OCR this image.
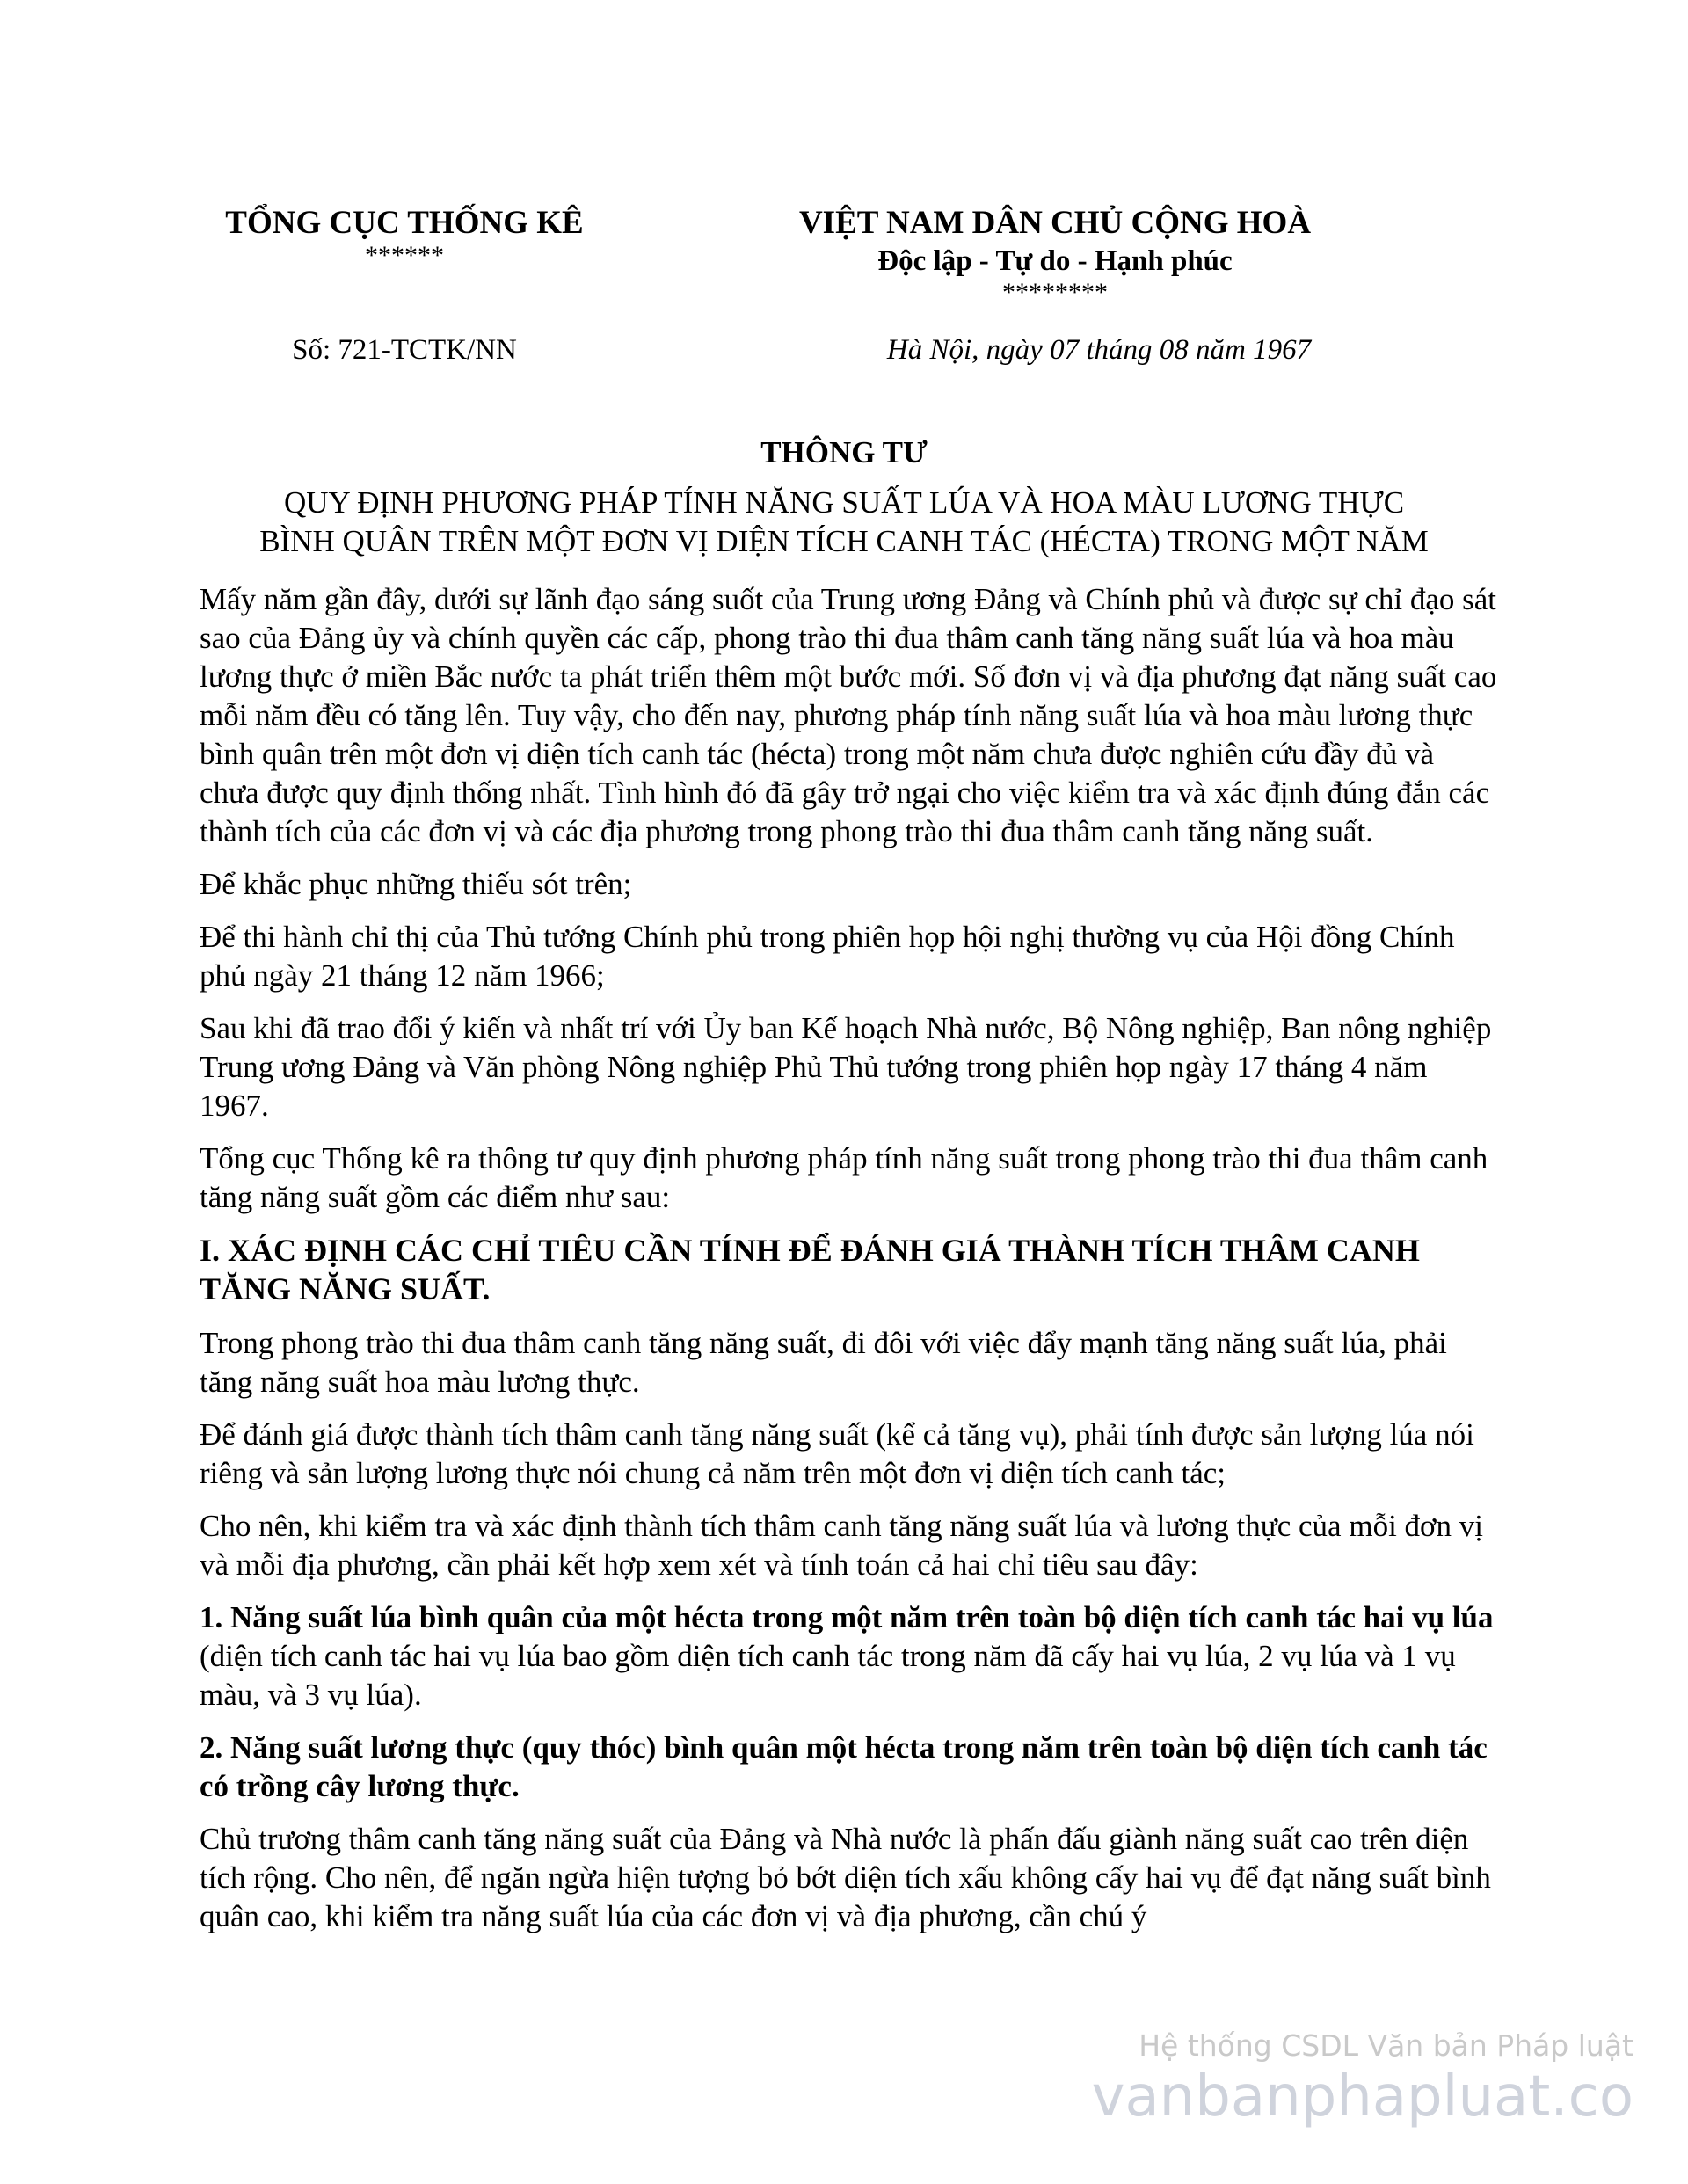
TỔNG CỤC THỐNG KÊ
******
VIỆT NAM DÂN CHỦ CỘNG HOÀ
Độc lập - Tự do - Hạnh phúc
********
Số: 721-TCTK/NN	Hà Nội, ngày 07 tháng 08 năm 1967
THÔNG TƯ
QUY ĐỊNH PHƯƠNG PHÁP TÍNH NĂNG SUẤT LÚA VÀ HOA MÀU LƯƠNG THỰC
BÌNH QUÂN TRÊN MỘT ĐƠN VỊ DIỆN TÍCH CANH TÁC (HÉCTA) TRONG MỘT NĂM

Mấy năm gần đây, dưới sự lãnh đạo sáng suốt của Trung ương Đảng và Chính phủ và được sự chỉ đạo sát sao của Đảng ủy và chính quyền các cấp, phong trào thi đua thâm canh tăng năng suất lúa và hoa màu lương thực ở miền Bắc nước ta phát triển thêm một bước mới. Số đơn vị và địa phương đạt năng suất cao mỗi năm đều có tăng lên. Tuy vậy, cho đến nay, phương pháp tính năng suất lúa và hoa màu lương thực bình quân trên một đơn vị diện tích canh tác (hécta) trong một năm chưa được nghiên cứu đầy đủ và chưa được quy định thống nhất. Tình hình đó đã gây trở ngại cho việc kiểm tra và xác định đúng đắn các thành tích của các đơn vị và các địa phương trong phong trào thi đua thâm canh tăng năng suất.

Để khắc phục những thiếu sót trên;

Để thi hành chỉ thị của Thủ tướng Chính phủ trong phiên họp hội nghị thường vụ của Hội đồng Chính phủ ngày 21 tháng 12 năm 1966;

Sau khi đã trao đổi ý kiến và nhất trí với Ủy ban Kế hoạch Nhà nước, Bộ Nông nghiệp, Ban nông nghiệp Trung ương Đảng và Văn phòng Nông nghiệp Phủ Thủ tướng trong phiên họp ngày 17 tháng 4 năm 1967.

Tổng cục Thống kê ra thông tư quy định phương pháp tính năng suất trong phong trào thi đua thâm canh tăng năng suất gồm các điểm như sau:

I. XÁC ĐỊNH CÁC CHỈ TIÊU CẦN TÍNH ĐỂ ĐÁNH GIÁ THÀNH TÍCH THÂM CANH TĂNG NĂNG SUẤT.

Trong phong trào thi đua thâm canh tăng năng suất, đi đôi với việc đẩy mạnh tăng năng suất lúa, phải tăng năng suất hoa màu lương thực.

Để đánh giá được thành tích thâm canh tăng năng suất (kể cả tăng vụ), phải tính được sản lượng lúa nói riêng và sản lượng lương thực nói chung cả năm trên một đơn vị diện tích canh tác;

Cho nên, khi kiểm tra và xác định thành tích thâm canh tăng năng suất lúa và lương thực của mỗi đơn vị và mỗi địa phương, cần phải kết hợp xem xét và tính toán cả hai chỉ tiêu sau đây:

1. Năng suất lúa bình quân của một hécta trong một năm trên toàn bộ diện tích canh tác hai vụ lúa (diện tích canh tác hai vụ lúa bao gồm diện tích canh tác trong năm đã cấy hai vụ lúa, 2 vụ lúa và 1 vụ màu, và 3 vụ lúa).

2. Năng suất lương thực (quy thóc) bình quân một hécta trong năm trên toàn bộ diện tích canh tác có trồng cây lương thực.

Chủ trương thâm canh tăng năng suất của Đảng và Nhà nước là phấn đấu giành năng suất cao trên diện tích rộng. Cho nên, để ngăn ngừa hiện tượng bỏ bớt diện tích xấu không cấy hai vụ để đạt năng suất bình quân cao, khi kiểm tra năng suất lúa của các đơn vị và địa phương, cần chú ý

Hệ thống CSDL Văn bản Pháp luật
vanbanphapluat.co
